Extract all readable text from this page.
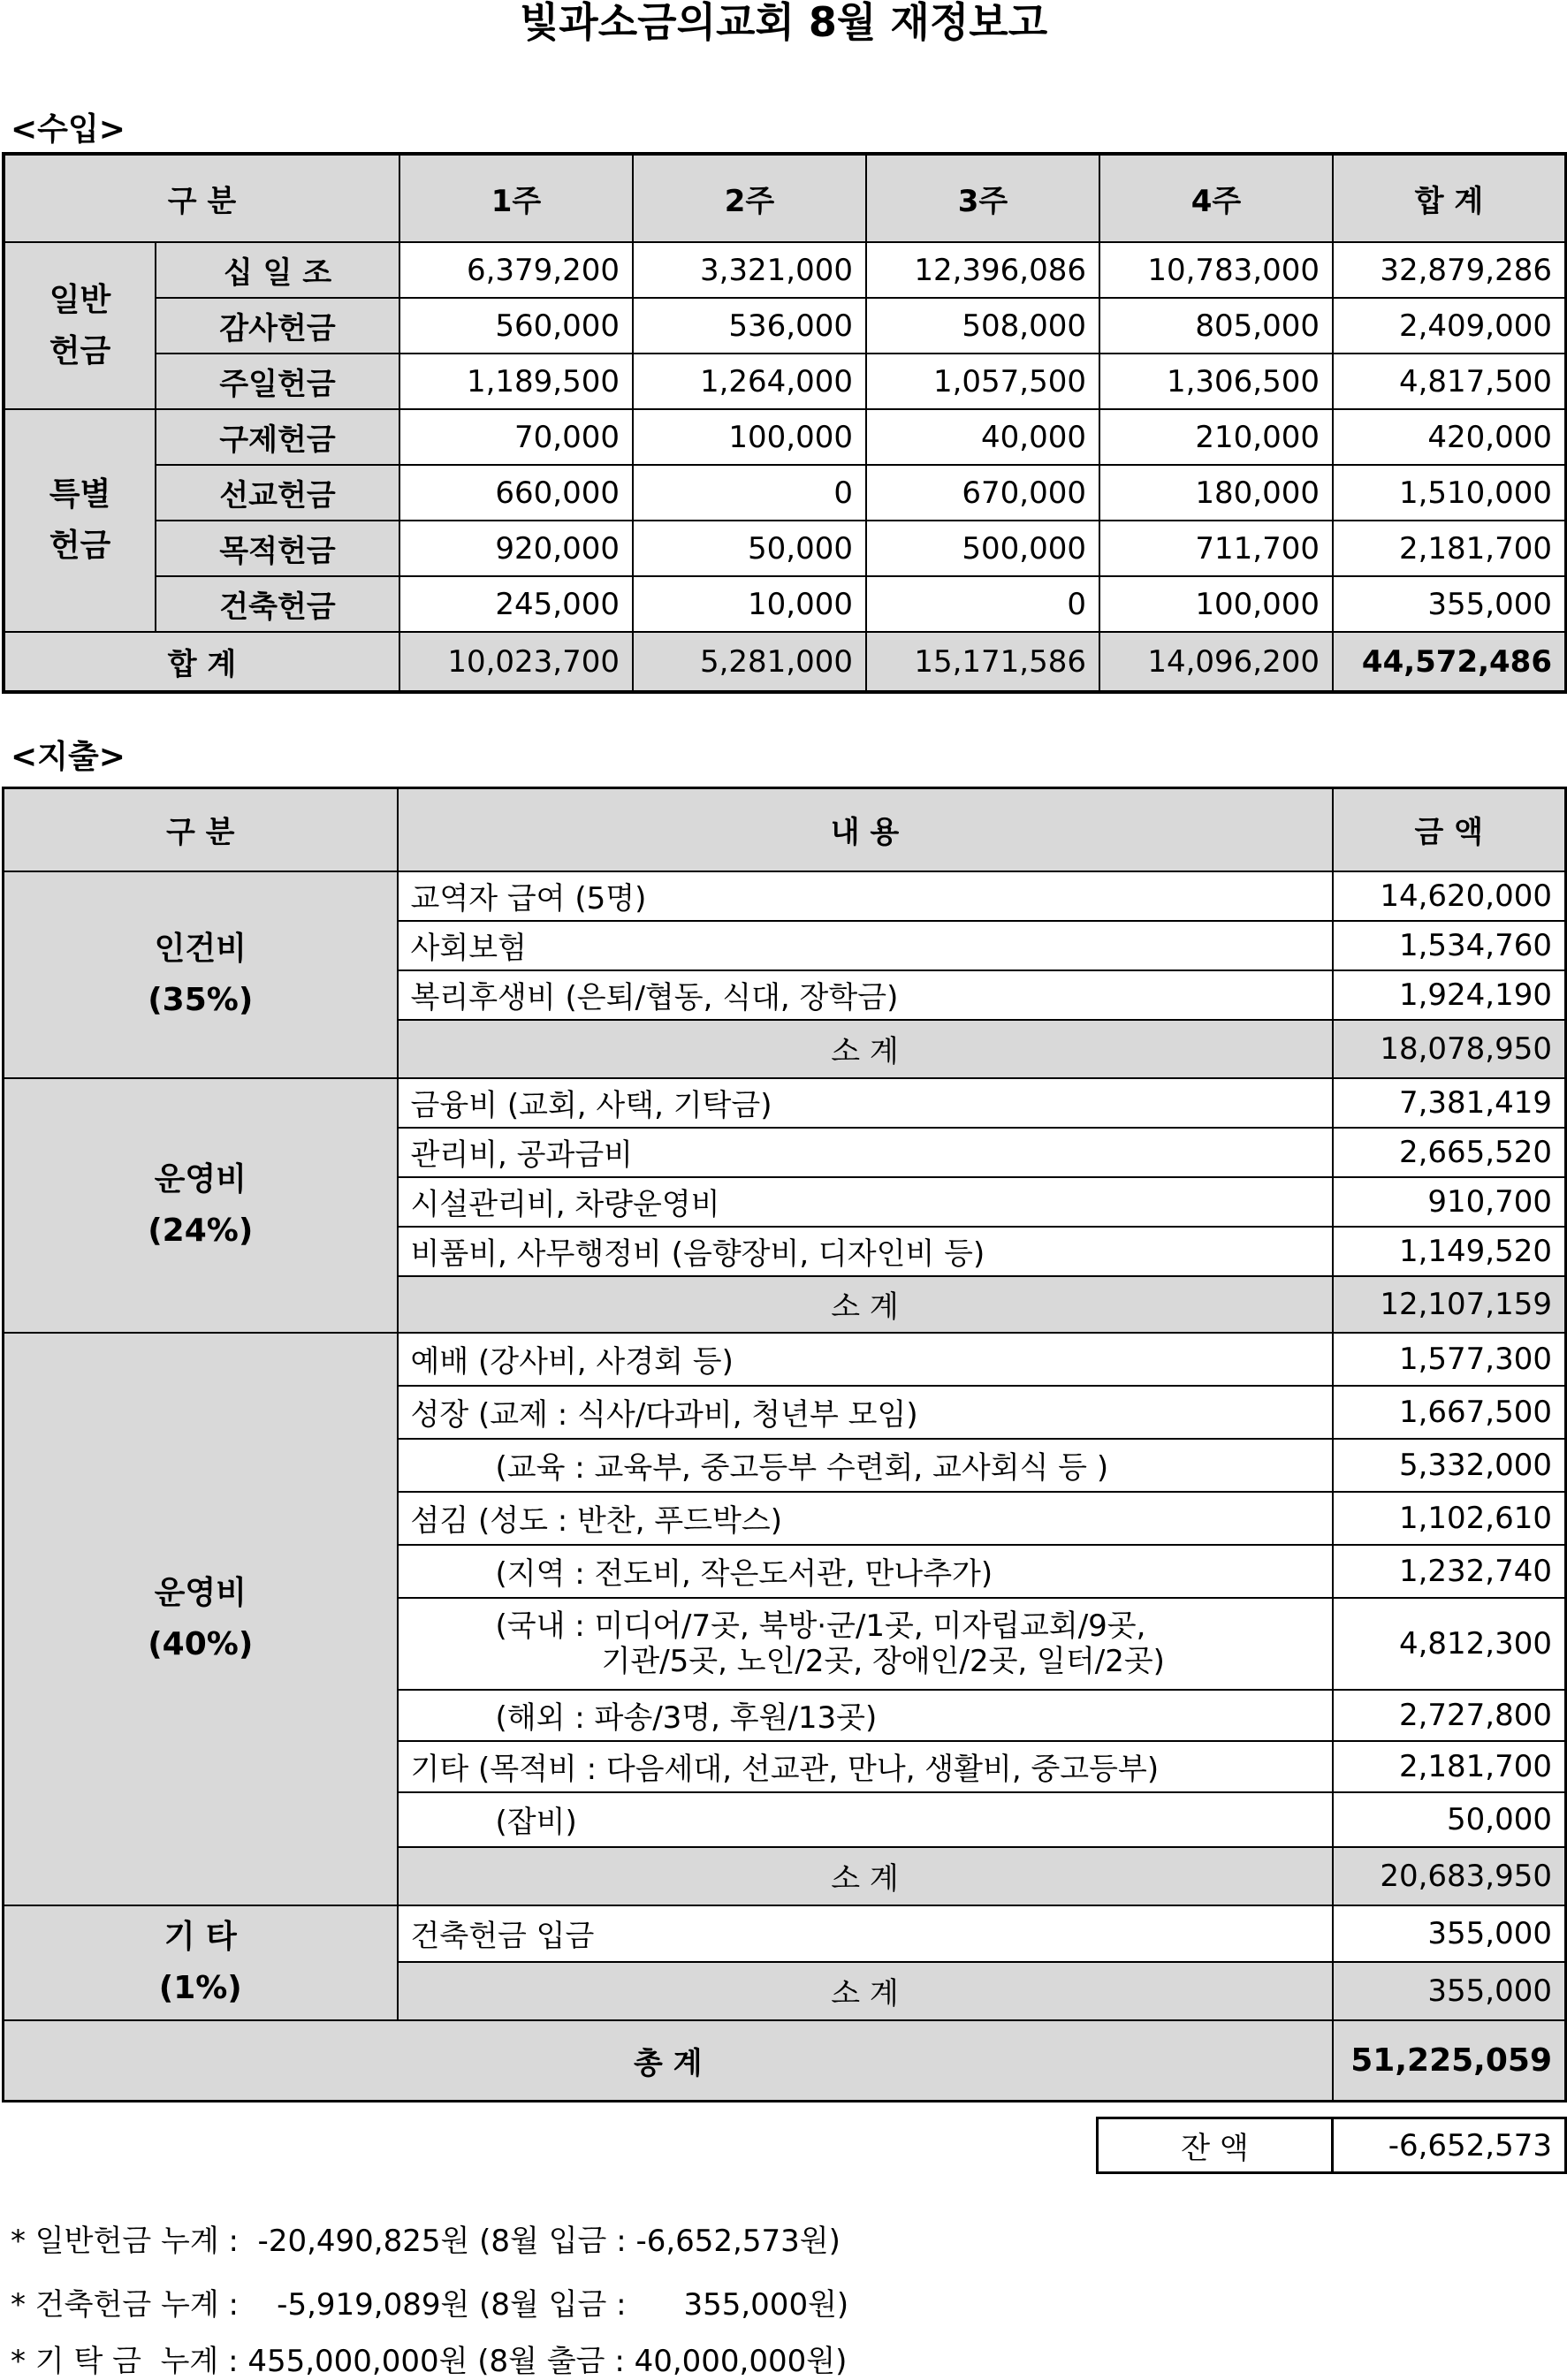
빛과소금의교회 8월 재정보고
<수입>
구 분		1주	2주	3주	4주	합 계
일반
헌금	십 일 조	6,379,200	3,321,000	12,396,086	10,783,000	32,879,286
	감사헌금	560,000	536,000	508,000	805,000	2,409,000
	주일헌금	1,189,500	1,264,000	1,057,500	1,306,500	4,817,500
특별
헌금	구제헌금	70,000	100,000	40,000	210,000	420,000
	선교헌금	660,000	0	670,000	180,000	1,510,000
	목적헌금	920,000	50,000	500,000	711,700	2,181,700
	건축헌금	245,000	10,000	0	100,000	355,000
합 계		10,023,700	5,281,000	15,171,586	14,096,200	44,572,486
<지출>
구 분	내 용	금 액
인건비
(35%)	교역자 급여 (5명)	14,620,000
	사회보험	1,534,760
	복리후생비 (은퇴/협동, 식대, 장학금)	1,924,190
	소 계	18,078,950
운영비
(24%)	금융비 (교회, 사택, 기탁금)	7,381,419
	관리비, 공과금비	2,665,520
	시설관리비, 차량운영비	910,700
	비품비, 사무행정비 (음향장비, 디자인비 등)	1,149,520
	소 계	12,107,159
운영비
(40%)	예배 (강사비, 사경회 등)	1,577,300
	성장 (교제 : 식사/다과비, 청년부 모임)	1,667,500
	(교육 : 교육부, 중고등부 수련회, 교사회식 등 )	5,332,000
	섬김 (성도 : 반찬, 푸드박스)	1,102,610
	(지역 : 전도비, 작은도서관, 만나추가)	1,232,740
	(국내 : 미디어/7곳, 북방·군/1곳, 미자립교회/9곳,
기관/5곳, 노인/2곳, 장애인/2곳, 일터/2곳)	4,812,300
	(해외 : 파송/3명, 후원/13곳)	2,727,800
	기타 (목적비 : 다음세대, 선교관, 만나, 생활비, 중고등부)	2,181,700
	(잡비)	50,000
	소 계	20,683,950
기 타
(1%)	건축헌금 입금	355,000
	소 계	355,000
총 계		51,225,059
잔 액	-6,652,573
* 일반헌금 누계 :  -20,490,825원 (8월 입금 : -6,652,573원)
* 건축헌금 누계 :    -5,919,089원 (8월 입금 :      355,000원)
* 기 탁 금  누계 : 455,000,000원 (8월 출금 : 40,000,000원)
